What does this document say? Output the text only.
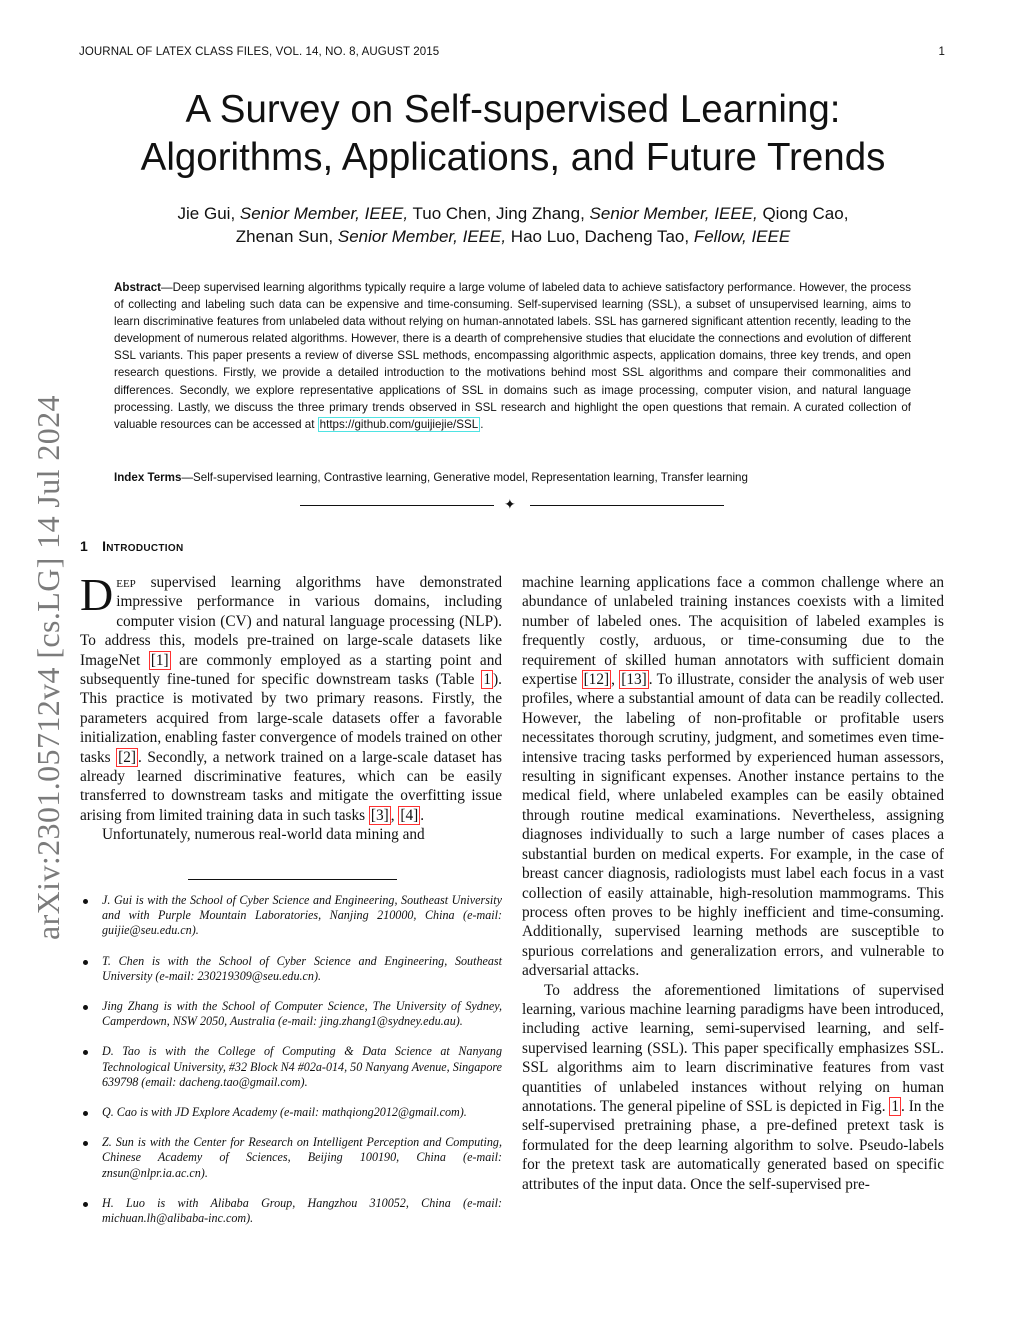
JOURNAL OF LATEX CLASS FILES, VOL. 14, NO. 8, AUGUST 2015	1
arXiv:2301.05712v4 [cs.LG] 14 Jul 2024
A Survey on Self-supervised Learning: Algorithms, Applications, and Future Trends
Jie Gui, Senior Member, IEEE, Tuo Chen, Jing Zhang, Senior Member, IEEE, Qiong Cao,
Zhenan Sun, Senior Member, IEEE, Hao Luo, Dacheng Tao, Fellow, IEEE
Abstract—Deep supervised learning algorithms typically require a large volume of labeled data to achieve satisfactory performance. However, the process of collecting and labeling such data can be expensive and time-consuming. Self-supervised learning (SSL), a subset of unsupervised learning, aims to learn discriminative features from unlabeled data without relying on human-annotated labels. SSL has garnered significant attention recently, leading to the development of numerous related algorithms. However, there is a dearth of comprehensive studies that elucidate the connections and evolution of different SSL variants. This paper presents a review of diverse SSL methods, encompassing algorithmic aspects, application domains, three key trends, and open research questions. Firstly, we provide a detailed introduction to the motivations behind most SSL algorithms and compare their commonalities and differences. Secondly, we explore representative applications of SSL in domains such as image processing, computer vision, and natural language processing. Lastly, we discuss the three primary trends observed in SSL research and highlight the open questions that remain. A curated collection of valuable resources can be accessed at https://github.com/guijiejie/SSL .
Index Terms—Self-supervised learning, Contrastive learning, Generative model, Representation learning, Transfer learning
✦
1 Introduction

Deep supervised learning algorithms have demonstrated impressive performance in various domains, including computer vision (CV) and natural language processing (NLP). To address this, models pre-trained on large-scale datasets like ImageNet [1] are commonly employed as a starting point and subsequently fine-tuned for specific downstream tasks (Table 1 ). This practice is motivated by two primary reasons. Firstly, the parameters acquired from large-scale datasets offer a favorable initialization, enabling faster convergence of models trained on other tasks [2] . Secondly, a network trained on a large-scale dataset has already learned discriminative features, which can be easily transferred to downstream tasks and mitigate the overfitting issue arising from limited training data in such tasks [3] , [4] .

Unfortunately, numerous real-world data mining and

J. Gui is with the School of Cyber Science and Engineering, Southeast University and with Purple Mountain Laboratories, Nanjing 210000, China (e-mail: guijie@seu.edu.cn).
T. Chen is with the School of Cyber Science and Engineering, Southeast University (e-mail: 230219309@seu.edu.cn).
Jing Zhang is with the School of Computer Science, The University of Sydney, Camperdown, NSW 2050, Australia (e-mail: jing.zhang1@sydney.edu.au).
D. Tao is with the College of Computing & Data Science at Nanyang Technological University, #32 Block N4 #02a-014, 50 Nanyang Avenue, Singapore 639798 (email: dacheng.tao@gmail.com).
Q. Cao is with JD Explore Academy (e-mail: mathqiong2012@gmail.com).
Z. Sun is with the Center for Research on Intelligent Perception and Computing, Chinese Academy of Sciences, Beijing 100190, China (e-mail: znsun@nlpr.ia.ac.cn).
H. Luo is with Alibaba Group, Hangzhou 310052, China (e-mail: michuan.lh@alibaba-inc.com).

machine learning applications face a common challenge where an abundance of unlabeled training instances coexists with a limited number of labeled ones. The acquisition of labeled examples is frequently costly, arduous, or time-consuming due to the requirement of skilled human annotators with sufficient domain expertise [12] , [13] . To illustrate, consider the analysis of web user profiles, where a substantial amount of data can be readily collected. However, the labeling of non-profitable or profitable users necessitates thorough scrutiny, judgment, and sometimes even time-intensive tracing tasks performed by experienced human assessors, resulting in significant expenses. Another instance pertains to the medical field, where unlabeled examples can be easily obtained through routine medical examinations. Nevertheless, assigning diagnoses individually to such a large number of cases places a substantial burden on medical experts. For example, in the case of breast cancer diagnosis, radiologists must label each focus in a vast collection of easily attainable, high-resolution mammograms. This process often proves to be highly inefficient and time-consuming. Additionally, supervised learning methods are susceptible to spurious correlations and generalization errors, and vulnerable to adversarial attacks.

To address the aforementioned limitations of supervised learning, various machine learning paradigms have been introduced, including active learning, semi-supervised learning, and self-supervised learning (SSL). This paper specifically emphasizes SSL. SSL algorithms aim to learn discriminative features from vast quantities of unlabeled instances without relying on human annotations. The general pipeline of SSL is depicted in Fig. 1 . In the self-supervised pretraining phase, a pre-defined pretext task is formulated for the deep learning algorithm to solve. Pseudo-labels for the pretext task are automatically generated based on specific attributes of the input data. Once the self-supervised pre-
